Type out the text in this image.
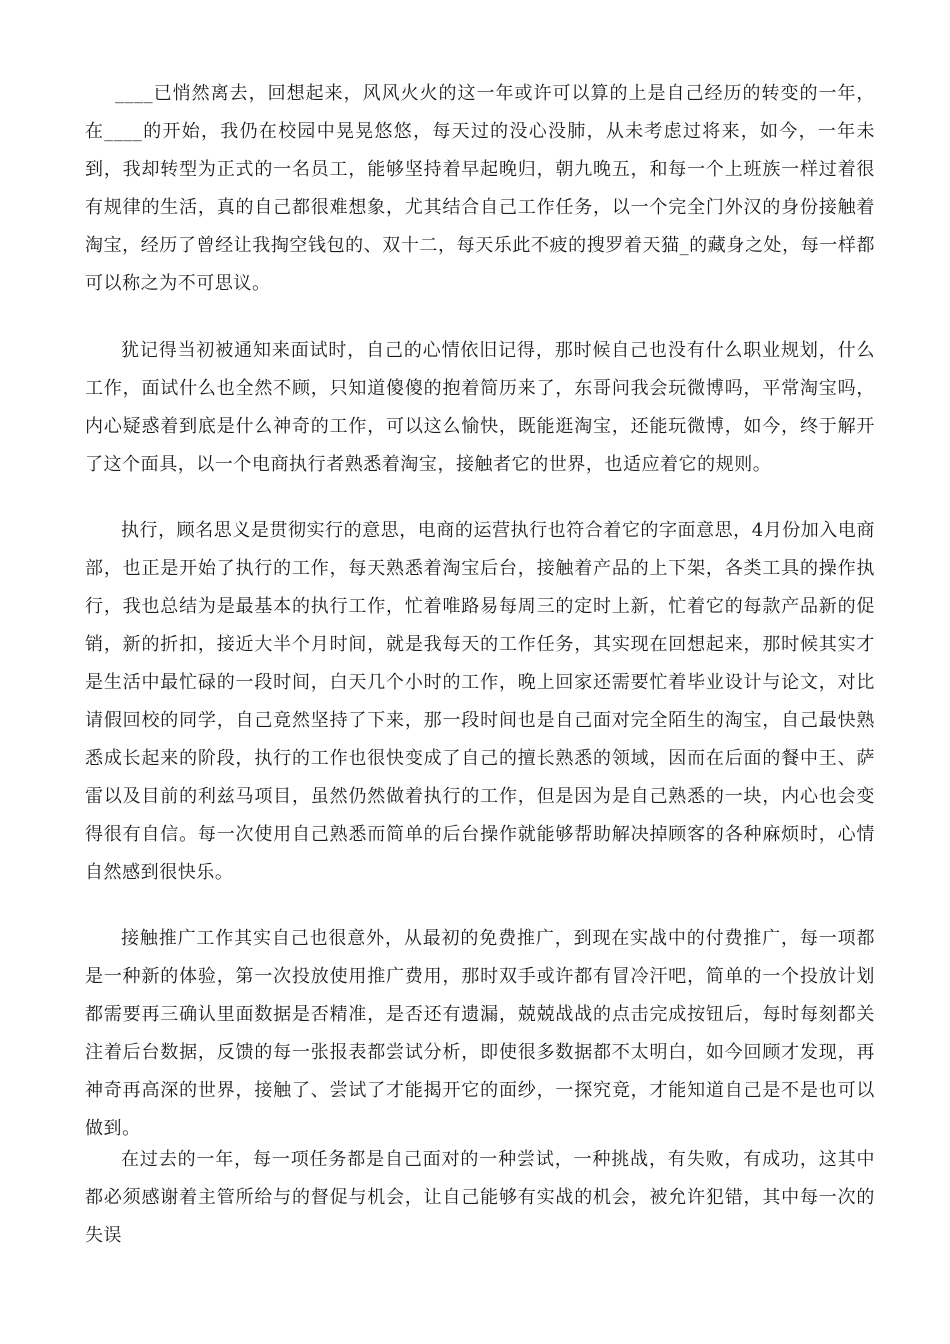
____已悄然离去，回想起来，风风火火的这一年或许可以算的上是自己经历的转变的一年，在____的开始，我仍在校园中晃晃悠悠，每天过的没心没肺，从未考虑过将来，如今，一年未到，我却转型为正式的一名员工，能够坚持着早起晚归，朝九晚五，和每一个上班族一样过着很有规律的生活，真的自己都很难想象，尤其结合自己工作任务，以一个完全门外汉的身份接触着淘宝，经历了曾经让我掏空钱包的、双十二，每天乐此不疲的搜罗着天猫_的藏身之处，每一样都可以称之为不可思议。

犹记得当初被通知来面试时，自己的心情依旧记得，那时候自己也没有什么职业规划，什么工作，面试什么也全然不顾，只知道傻傻的抱着简历来了，东哥问我会玩微博吗，平常淘宝吗，内心疑惑着到底是什么神奇的工作，可以这么愉快，既能逛淘宝，还能玩微博，如今，终于解开了这个面具，以一个电商执行者熟悉着淘宝，接触者它的世界，也适应着它的规则。

执行，顾名思义是贯彻实行的意思，电商的运营执行也符合着它的字面意思，4月份加入电商部，也正是开始了执行的工作，每天熟悉着淘宝后台，接触着产品的上下架，各类工具的操作执行，我也总结为是最基本的执行工作，忙着唯路易每周三的定时上新，忙着它的每款产品新的促销，新的折扣，接近大半个月时间，就是我每天的工作任务，其实现在回想起来，那时候其实才是生活中最忙碌的一段时间，白天几个小时的工作，晚上回家还需要忙着毕业设计与论文，对比请假回校的同学，自己竟然坚持了下来，那一段时间也是自己面对完全陌生的淘宝，自己最快熟悉成长起来的阶段，执行的工作也很快变成了自己的擅长熟悉的领域，因而在后面的餐中王、萨雷以及目前的利兹马项目，虽然仍然做着执行的工作，但是因为是自己熟悉的一块，内心也会变得很有自信。每一次使用自己熟悉而简单的后台操作就能够帮助解决掉顾客的各种麻烦时，心情自然感到很快乐。

接触推广工作其实自己也很意外，从最初的免费推广，到现在实战中的付费推广，每一项都是一种新的体验，第一次投放使用推广费用，那时双手或许都有冒冷汗吧，简单的一个投放计划都需要再三确认里面数据是否精准，是否还有遗漏，兢兢战战的点击完成按钮后，每时每刻都关注着后台数据，反馈的每一张报表都尝试分析，即使很多数据都不太明白，如今回顾才发现，再神奇再高深的世界，接触了、尝试了才能揭开它的面纱，一探究竟，才能知道自己是不是也可以做到。

在过去的一年，每一项任务都是自己面对的一种尝试，一种挑战，有失败，有成功，这其中都必须感谢着主管所给与的督促与机会，让自己能够有实战的机会，被允许犯错，其中每一次的失误
